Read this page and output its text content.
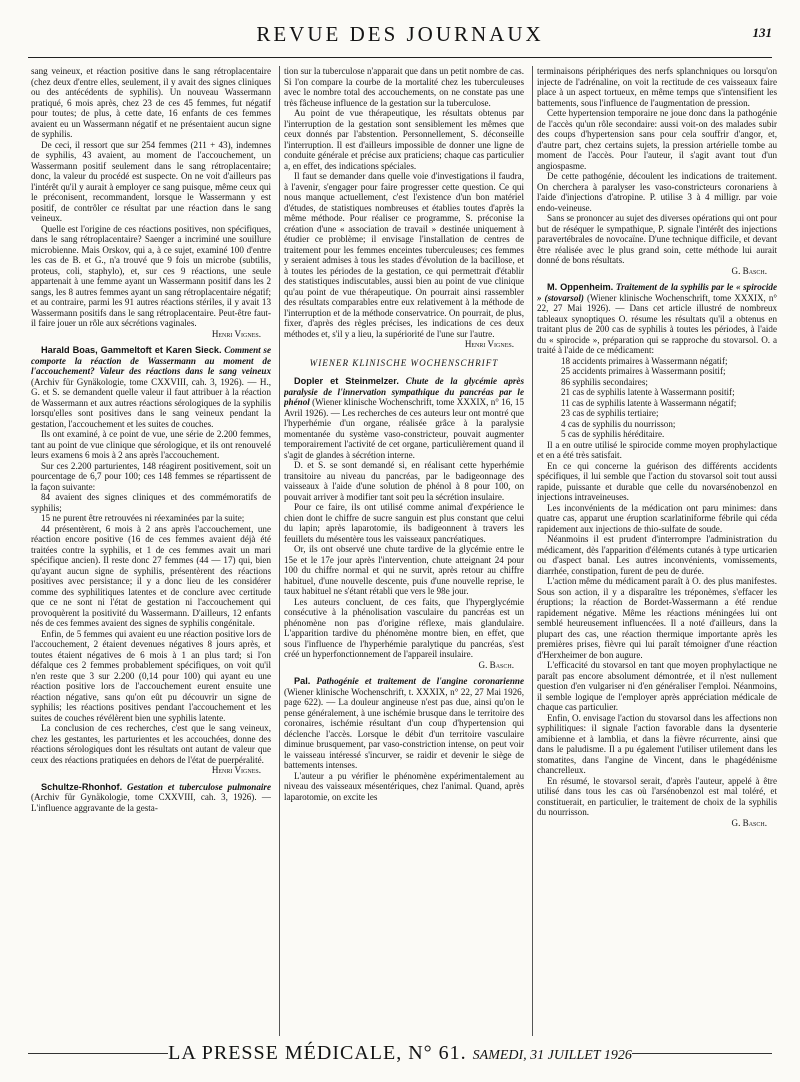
REVUE DES JOURNAUX	131

sang veineux, et réaction positive dans le sang rétroplacentaire (chez deux d'entre elles, seulement, il y avait des signes cliniques ou des antécédents de syphilis). Un nouveau Wassermann pratiqué, 6 mois après, chez 23 de ces 45 femmes, fut négatif pour toutes; de plus, à cette date, 16 enfants de ces femmes avaient eu un Wassermann négatif et ne présentaient aucun signe de syphilis.

De ceci, il ressort que sur 254 femmes (211 + 43), indemnes de syphilis, 43 avaient, au moment de l'accouchement, un Wassermann positif seulement dans le sang rétroplacentaire; donc, la valeur du procédé est suspecte. On ne voit d'ailleurs pas l'intérêt qu'il y aurait à employer ce sang puisque, même ceux qui le préconisent, recommandent, lorsque le Wassermann y est positif, de contrôler ce résultat par une réaction dans le sang veineux.

Quelle est l'origine de ces réactions positives, non spécifiques, dans le sang rétroplacentaire? Saenger a incriminé une souillure microbienne. Mais Orskov, qui a, à ce sujet, examiné 100 d'entre les cas de B. et G., n'a trouvé que 9 fois un microbe (subtilis, proteus, coli, staphylo), et, sur ces 9 réactions, une seule appartenait à une femme ayant un Wassermann positif dans les 2 sangs, les 8 autres femmes ayant un sang rétroplacentaire négatif; et au contraire, parmi les 91 autres réactions stériles, il y avait 13 Wassermann positifs dans le sang rétroplacentaire. Peut-être faut-il faire jouer un rôle aux sécrétions vaginales.

Henri Vignes.

Harald Boas, Gammeltoft et Karen Sieck. Comment se comporte la réaction de Wassermann au moment de l'accouchement? Valeur des réactions dans le sang veineux (Archiv für Gynäkologie, tome CXXVIII, cah. 3, 1926). — H., G. et S. se demandent quelle valeur il faut attribuer à la réaction de Wassermann et aux autres réactions sérologiques de la syphilis lorsqu'elles sont positives dans le sang veineux pendant la gestation, l'accouchement et les suites de couches.

Ils ont examiné, à ce point de vue, une série de 2.200 femmes, tant au point de vue clinique que sérologique, et ils ont renouvelé leurs examens 6 mois à 2 ans après l'accouchement.

Sur ces 2.200 parturientes, 148 réagirent positivement, soit un pourcentage de 6,7 pour 100; ces 148 femmes se répartissent de la façon suivante:

84 avaient des signes cliniques et des commémoratifs de syphilis;

15 ne purent être retrouvées ni réexaminées par la suite;

44 présentèrent, 6 mois à 2 ans après l'accouchement, une réaction encore positive (16 de ces femmes avaient déjà été traitées contre la syphilis, et 1 de ces femmes avait un mari spécifique ancien). Il reste donc 27 femmes (44 — 17) qui, bien qu'ayant aucun signe de syphilis, présentèrent des réactions positives avec persistance; il y a donc lieu de les considérer comme des syphilitiques latentes et de conclure avec certitude que ce ne sont ni l'état de gestation ni l'accouchement qui provoquèrent la positivité du Wassermann. D'ailleurs, 12 enfants nés de ces femmes avaient des signes de syphilis congénitale.

Enfin, de 5 femmes qui avaient eu une réaction positive lors de l'accouchement, 2 étaient devenues négatives 8 jours après, et toutes étaient négatives de 6 mois à 1 an plus tard; si l'on défalque ces 2 femmes probablement spécifiques, on voit qu'il n'en reste que 3 sur 2.200 (0,14 pour 100) qui ayant eu une réaction positive lors de l'accouchement eurent ensuite une réaction négative, sans qu'on eût pu découvrir un signe de syphilis; les réactions positives pendant l'accouchement et les suites de couches révélèrent bien une syphilis latente.

La conclusion de ces recherches, c'est que le sang veineux, chez les gestantes, les parturientes et les accouchées, donne des réactions sérologiques dont les résultats ont autant de valeur que ceux des réactions pratiquées en dehors de l'état de puerpéralité.

Henri Vignes.

Schultze-Rhonhof. Gestation et tuberculose pulmonaire (Archiv für Gynäkologie, tome CXXVIII, cah. 3, 1926). — L'influence aggravante de la gesta-

tion sur la tuberculose n'apparait que dans un petit nombre de cas. Si l'on compare la courbe de la mortalité chez les tuberculeuses avec le nombre total des accouchements, on ne constate pas une très fâcheuse influence de la gestation sur la tuberculose.

Au point de vue thérapeutique, les résultats obtenus par l'interruption de la gestation sont sensiblement les mêmes que ceux donnés par l'abstention. Personnellement, S. déconseille l'interruption. Il est d'ailleurs impossible de donner une ligne de conduite générale et précise aux praticiens; chaque cas particulier a, en effet, des indications spéciales.

Il faut se demander dans quelle voie d'investigations il faudra, à l'avenir, s'engager pour faire progresser cette question. Ce qui nous manque actuellement, c'est l'existence d'un bon matériel d'études, de statistiques nombreuses et établies toutes d'après la même méthode. Pour réaliser ce programme, S. préconise la création d'une « association de travail » destinée uniquement à étudier ce problème; il envisage l'installation de centres de traitement pour les femmes enceintes tuberculeuses; ces femmes y seraient admises à tous les stades d'évolution de la bacillose, et à toutes les périodes de la gestation, ce qui permettrait d'établir des statistiques indiscutables, aussi bien au point de vue clinique qu'au point de vue thérapeutique. On pourrait ainsi rassembler des résultats comparables entre eux relativement à la méthode de l'interruption et de la méthode conservatrice. On pourrait, de plus, fixer, d'après des règles précises, les indications de ces deux méthodes et, s'il y a lieu, la supériorité de l'une sur l'autre.

Henri Vignes.

WIENER KLINISCHE WOCHENSCHRIFT

Dopler et Steinmelzer. Chute de la glycémie après paralysie de l'innervation sympathique du pancréas par le phénol (Wiener klinische Wochenschrift, tome XXXIX, n° 16, 15 Avril 1926). — Les recherches de ces auteurs leur ont montré que l'hyperhémie d'un organe, réalisée grâce à la paralysie momentanée du système vaso-constricteur, pouvait augmenter temporairement l'activité de cet organe, particulièrement quand il s'agit de glandes à sécrétion interne.

D. et S. se sont demandé si, en réalisant cette hyperhémie transitoire au niveau du pancréas, par le badigeonnage des vaisseaux à l'aide d'une solution de phénol à 8 pour 100, on pouvait arriver à modifier tant soit peu la sécrétion insulaire.

Pour ce faire, ils ont utilisé comme animal d'expérience le chien dont le chiffre de sucre sanguin est plus constant que celui du lapin; après laparotomie, ils badigeonnent à travers les feuillets du mésentère tous les vaisseaux pancréatiques.

Or, ils ont observé une chute tardive de la glycémie entre le 15e et le 17e jour après l'intervention, chute atteignant 24 pour 100 du chiffre normal et qui ne survit, après retour au chiffre habituel, d'une nouvelle descente, puis d'une nouvelle reprise, le taux habituel ne s'étant rétabli que vers le 98e jour.

Les auteurs concluent, de ces faits, que l'hyperglycémie consécutive à la phénolisation vasculaire du pancréas est un phénomène non pas d'origine réflexe, mais glandulaire. L'apparition tardive du phénomène montre bien, en effet, que sous l'influence de l'hyperhémie paralytique du pancréas, s'est créé un hyperfonctionnement de l'appareil insulaire.

G. Basch.

Pal. Pathogénie et traitement de l'angine coronarienne (Wiener klinische Wochenschrift, t. XXXIX, n° 22, 27 Mai 1926, page 622). — La douleur angineuse n'est pas due, ainsi qu'on le pense généralement, à une ischémie brusque dans le territoire des coronaires, ischémie résultant d'un coup d'hypertension qui déclenche l'accès. Lorsque le débit d'un territoire vasculaire diminue brusquement, par vaso-constriction intense, on peut voir le vaisseau intéressé s'incurver, se raidir et devenir le siège de battements intenses.

L'auteur a pu vérifier le phénomène expérimentalement au niveau des vaisseaux mésentériques, chez l'animal. Quand, après laparotomie, on excite les

terminaisons périphériques des nerfs splanchniques ou lorsqu'on injecte de l'adrénaline, on voit la rectitude de ces vaisseaux faire place à un aspect tortueux, en même temps que s'intensifient les battements, sous l'influence de l'augmentation de pression.

Cette hypertension temporaire ne joue donc dans la pathogénie de l'accès qu'un rôle secondaire: aussi voit-on des malades subir des coups d'hypertension sans pour cela souffrir d'angor, et, d'autre part, chez certains sujets, la pression artérielle tombe au moment de l'accès. Pour l'auteur, il s'agit avant tout d'un angiospasme.

De cette pathogénie, découlent les indications de traitement. On cherchera à paralyser les vaso-constricteurs coronariens à l'aide d'injections d'atropine. P. utilise 3 à 4 milligr. par voie endo-veineuse.

Sans se prononcer au sujet des diverses opérations qui ont pour but de réséquer le sympathique, P. signale l'intérêt des injections paravertébrales de novocaïne. D'une technique difficile, et devant être réalisée avec le plus grand soin, cette méthode lui aurait donné de bons résultats.

G. Basch.

M. Oppenheim. Traitement de la syphilis par le « spirocide » (stovarsol) (Wiener klinische Wochenschrift, tome XXXIX, n° 22, 27 Mai 1926). — Dans cet article illustré de nombreux tableaux synoptiques O. résume les résultats qu'il a obtenus en traitant plus de 200 cas de syphilis à toutes les périodes, à l'aide du « spirocide », préparation qui se rapproche du stovarsol. O. a traité à l'aide de ce médicament:

18 accidents primaires à Wassermann négatif;
25 accidents primaires à Wassermann positif;
86 syphilis secondaires;
21 cas de syphilis latente à Wassermann positif;
11 cas de syphilis latente à Wassermann négatif;
23 cas de syphilis tertiaire;
4 cas de syphilis du nourrisson;
5 cas de syphilis héréditaire.

Il a en outre utilisé le spirocide comme moyen prophylactique et en a été très satisfait.

En ce qui concerne la guérison des différents accidents spécifiques, il lui semble que l'action du stovarsol soit tout aussi rapide, puissante et durable que celle du novarsénobenzol en injections intraveineuses.

Les inconvénients de la médication ont paru minimes: dans quatre cas, apparut une éruption scarlatiniforme fébrile qui céda rapidement aux injections de thio-sulfate de soude.

Néanmoins il est prudent d'interrompre l'administration du médicament, dès l'apparition d'éléments cutanés à type urticarien ou d'aspect banal. Les autres inconvénients, vomissements, diarrhée, constipation, furent de peu de durée.

L'action même du médicament paraît à O. des plus manifestes. Sous son action, il y a disparaître les tréponèmes, s'effacer les éruptions; la réaction de Bordet-Wassermann a été rendue rapidement négative. Même les réactions méningées lui ont semblé heureusement influencées. Il a noté d'ailleurs, dans la plupart des cas, une réaction thermique importante après les premières prises, fièvre qui lui paraît témoigner d'une réaction d'Herxheimer de bon augure.

L'efficacité du stovarsol en tant que moyen prophylactique ne paraît pas encore absolument démontrée, et il n'est nullement question d'en vulgariser ni d'en généraliser l'emploi. Néanmoins, il semble logique de l'employer après appréciation médicale de chaque cas particulier.

Enfin, O. envisage l'action du stovarsol dans les affections non syphilitiques: il signale l'action favorable dans la dysenterie amibienne et à lamblia, et dans la fièvre récurrente, ainsi que dans le paludisme. Il a pu également l'utiliser utilement dans les stomatites, dans l'angine de Vincent, dans le phagédénisme chancrelleux.

En résumé, le stovarsol serait, d'après l'auteur, appelé à être utilisé dans tous les cas où l'arsénobenzol est mal toléré, et constituerait, en particulier, le traitement de choix de la syphilis du nourrisson.

G. Basch.

LA PRESSE MÉDICALE, N° 61. SAMEDI, 31 JUILLET 1926
